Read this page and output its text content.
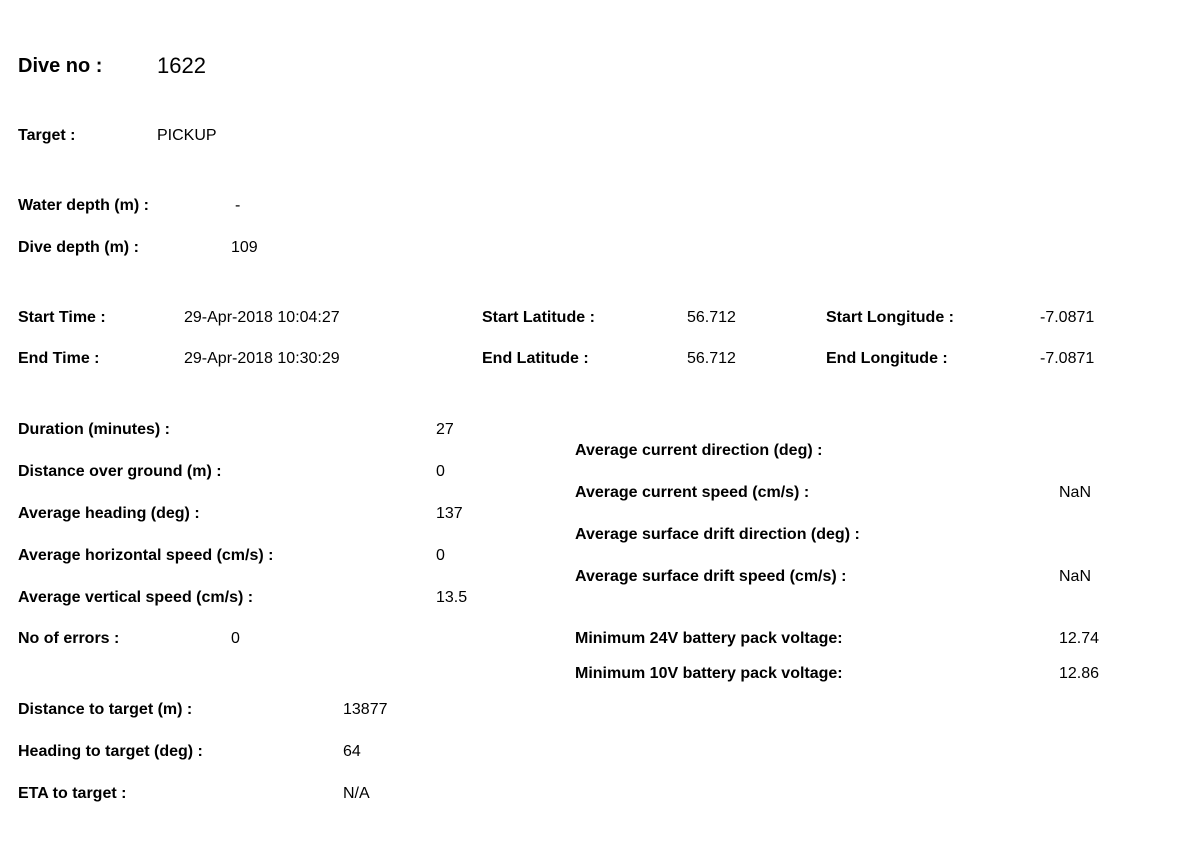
Dive no : 1622
Target :	PICKUP
Water depth (m) :	-
Dive depth (m) :	109
Start Time :	29-Apr-2018 10:04:27	Start Latitude :	56.712	Start Longitude :	-7.0871
End Time :	29-Apr-2018 10:30:29	End Latitude :	56.712	End Longitude :	-7.0871
Duration (minutes) :	27
Distance over ground (m) :	0
Average heading (deg) :	137
Average horizontal speed (cm/s) :	0
Average vertical speed (cm/s) :	13.5
No of errors :	0
Average current direction (deg) :
Average current speed (cm/s) :	NaN
Average surface drift direction (deg) :
Average surface drift speed (cm/s) :	NaN
Minimum 24V battery pack voltage:	12.74
Minimum 10V battery pack voltage:	12.86
Distance to target (m) :	13877
Heading to target (deg) :	64
ETA to target :	N/A
